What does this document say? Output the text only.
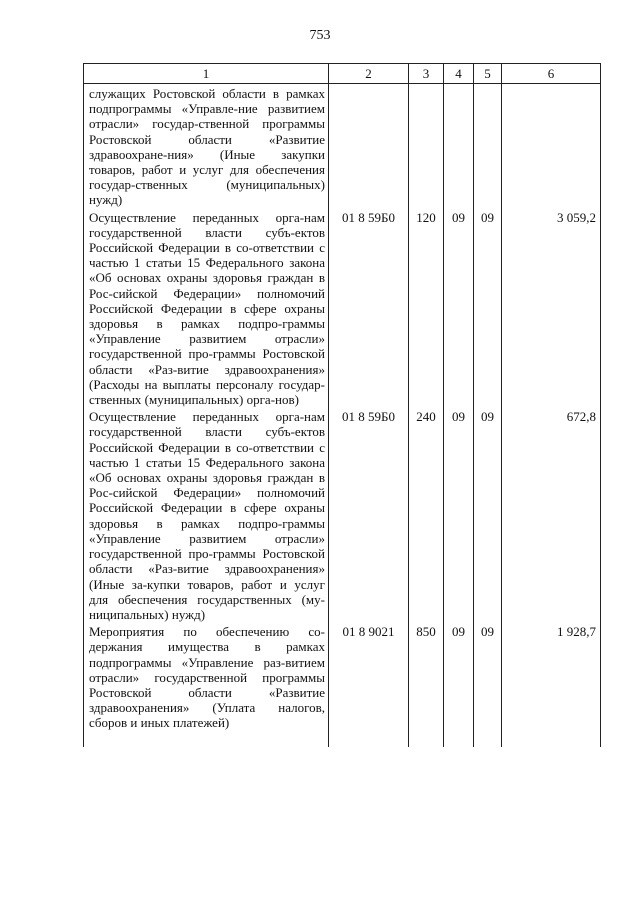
753
1	2	3	4	5	6
служащих Ростовской области в рамках подпрограммы «Управле-ние развитием отрасли» государ-ственной программы Ростовской области «Развитие здравоохране-ния» (Иные закупки товаров, работ и услуг для обеспечения государ-ственных (муниципальных) нужд)					
Осуществление переданных орга-нам государственной власти субъ-ектов Российской Федерации в со-ответствии с частью 1 статьи 15 Федерального закона «Об основах охраны здоровья граждан в Рос-сийской Федерации» полномочий Российской Федерации в сфере охраны здоровья в рамках подпро-граммы «Управление развитием отрасли» государственной про-граммы Ростовской области «Раз-витие здравоохранения» (Расходы на выплаты персоналу государ-ственных (муниципальных) орга-нов)	01 8 59Б0	120	09	09	3 059,2
Осуществление переданных орга-нам государственной власти субъ-ектов Российской Федерации в со-ответствии с частью 1 статьи 15 Федерального закона «Об основах охраны здоровья граждан в Рос-сийской Федерации» полномочий Российской Федерации в сфере охраны здоровья в рамках подпро-граммы «Управление развитием отрасли» государственной про-граммы Ростовской области «Раз-витие здравоохранения» (Иные за-купки товаров, работ и услуг для обеспечения государственных (му-ниципальных) нужд)	01 8 59Б0	240	09	09	672,8
Мероприятия по обеспечению со-держания имущества в рамках подпрограммы «Управление раз-витием отрасли» государственной программы Ростовской области «Развитие здравоохранения» (Уплата налогов, сборов и иных платежей)	01 8 9021	850	09	09	1 928,7
